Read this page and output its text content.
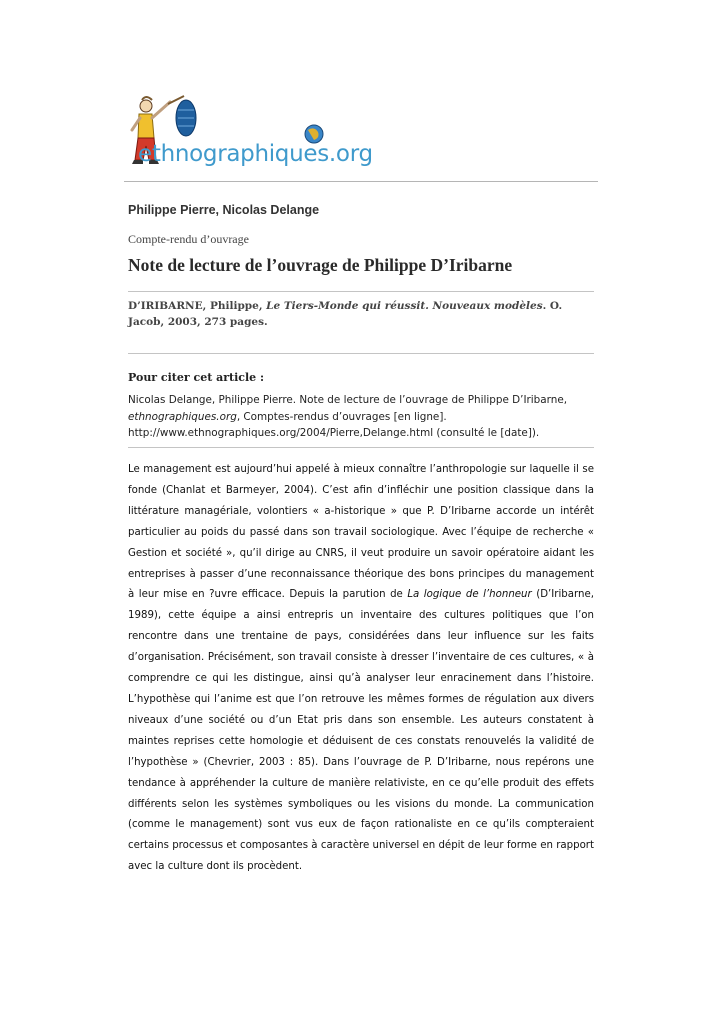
ethnographiques.org
Philippe Pierre, Nicolas Delange
Compte-rendu d’ouvrage
Note de lecture de l’ouvrage de Philippe D’Iribarne
D’IRIBARNE, Philippe, Le Tiers-Monde qui réussit. Nouveaux modèles. O. Jacob, 2003, 273 pages.
Pour citer cet article :
Nicolas Delange, Philippe Pierre. Note de lecture de l’ouvrage de Philippe D’Iribarne, ethnographiques.org, Comptes-rendus d’ouvrages [en ligne].
http://www.ethnographiques.org/2004/Pierre,Delange.html (consulté le [date]).
Le management est aujourd’hui appelé à mieux connaître l’anthropologie sur laquelle il se fonde (Chanlat et Barmeyer, 2004). C’est afin d’infléchir une position classique dans la littérature managériale, volontiers « a-historique » que P. D’Iribarne accorde un intérêt particulier au poids du passé dans son travail sociologique. Avec l’équipe de recherche « Gestion et société », qu’il dirige au CNRS, il veut produire un savoir opératoire aidant les entreprises à passer d’une reconnaissance théorique des bons principes du management à leur mise en ?uvre efficace. Depuis la parution de La logique de l’honneur (D’Iribarne, 1989), cette équipe a ainsi entrepris un inventaire des cultures politiques que l’on rencontre dans une trentaine de pays, considérées dans leur influence sur les faits d’organisation. Précisément, son travail consiste à dresser l’inventaire de ces cultures, « à comprendre ce qui les distingue, ainsi qu’à analyser leur enracinement dans l’histoire. L’hypothèse qui l’anime est que l’on retrouve les mêmes formes de régulation aux divers niveaux d’une société ou d’un Etat pris dans son ensemble. Les auteurs constatent à maintes reprises cette homologie et déduisent de ces constats renouvelés la validité de l’hypothèse » (Chevrier, 2003 : 85). Dans l’ouvrage de P. D’Iribarne, nous repérons une tendance à appréhender la culture de manière relativiste, en ce qu’elle produit des effets différents selon les systèmes symboliques ou les visions du monde. La communication (comme le management) sont vus eux de façon rationaliste en ce qu’ils compteraient certains processus et composantes à caractère universel en dépit de leur forme en rapport avec la culture dont ils procèdent.
